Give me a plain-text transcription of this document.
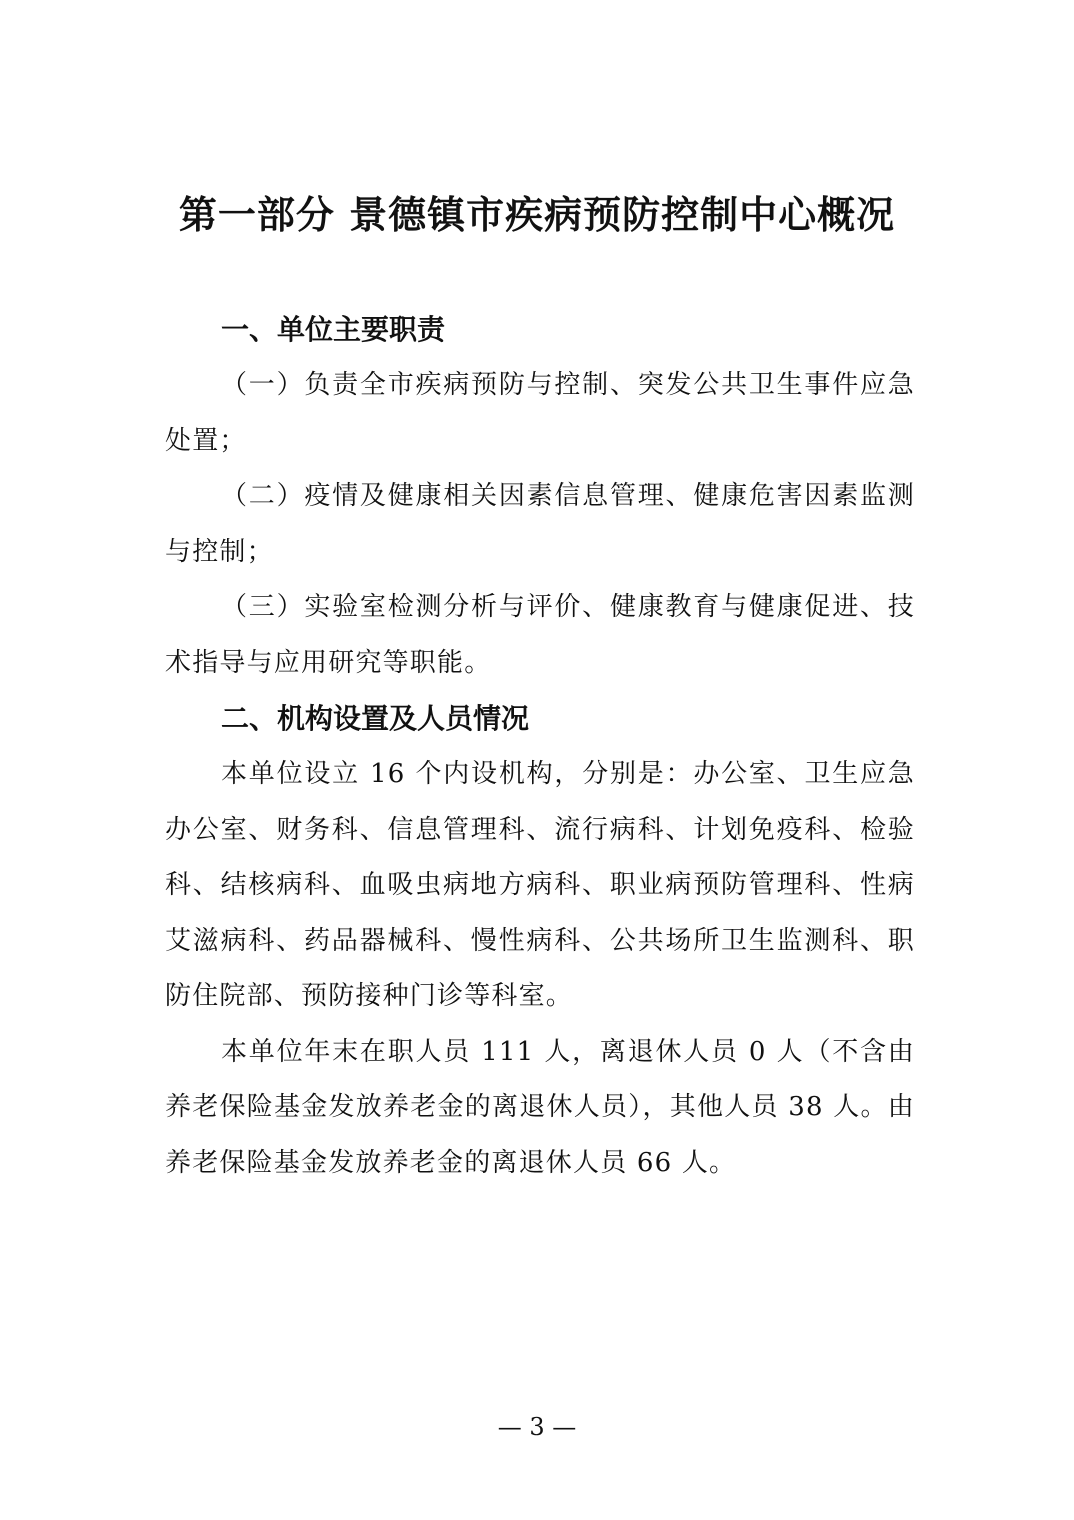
第一部分 景德镇市疾病预防控制中心概况
一、单位主要职责

（一）负责全市疾病预防与控制、突发公共卫生事件应急处置；

（二）疫情及健康相关因素信息管理、健康危害因素监测与控制；

（三）实验室检测分析与评价、健康教育与健康促进、技术指导与应用研究等职能。

二、机构设置及人员情况

本单位设立 16 个内设机构，分别是：办公室、卫生应急办公室、财务科、信息管理科、流行病科、计划免疫科、检验科、结核病科、血吸虫病地方病科、职业病预防管理科、性病艾滋病科、药品器械科、慢性病科、公共场所卫生监测科、职防住院部、预防接种门诊等科室。

本单位年末在职人员 111 人，离退休人员 0 人（不含由养老保险基金发放养老金的离退休人员），其他人员 38 人。由养老保险基金发放养老金的离退休人员 66 人。

— 3 —
